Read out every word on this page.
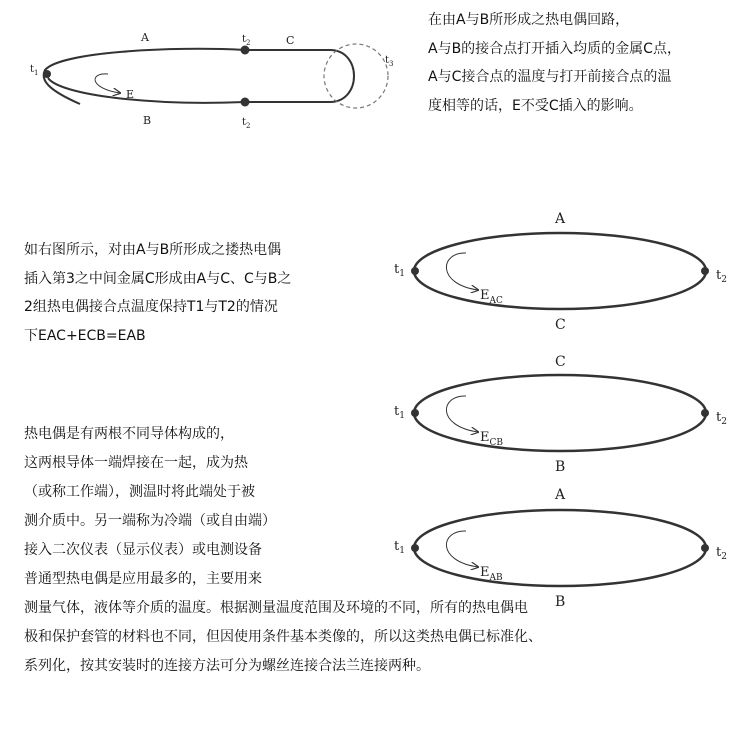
A
B
C
E
$t_1$
$t_2$
$t_2$
$t_3$
A
C
$t_1$	$t_2$
$E_{AC}$
C
B
$t_1$	$t_2$
$E_{CB}$
A
B
$t_1$	$t_2$
$E_{AB}$
在由A与B所形成之热电偶回路，
A与B的接合点打开插入均质的金属C点，
A与C接合点的温度与打开前接合点的温
度相等的话，E不受C插入的影响。
如右图所示，对由A与B所形成之搂热电偶
插入第3之中间金属C形成由A与C、C与B之
2组热电偶接合点温度保持T1与T2的情况
下EAC+ECB=EAB
热电偶是有两根不同导体构成的，
这两根导体一端焊接在一起，成为热
（或称工作端），测温时将此端处于被
测介质中。另一端称为冷端（或自由端）
接入二次仪表（显示仪表）或电测设备
普通型热电偶是应用最多的，主要用来
测量气体，液体等介质的温度。根据测量温度范围及环境的不同，所有的热电偶电
极和保护套管的材料也不同，但因使用条件基本类像的，所以这类热电偶已标准化、
系列化，按其安装时的连接方法可分为螺丝连接合法兰连接两种。
